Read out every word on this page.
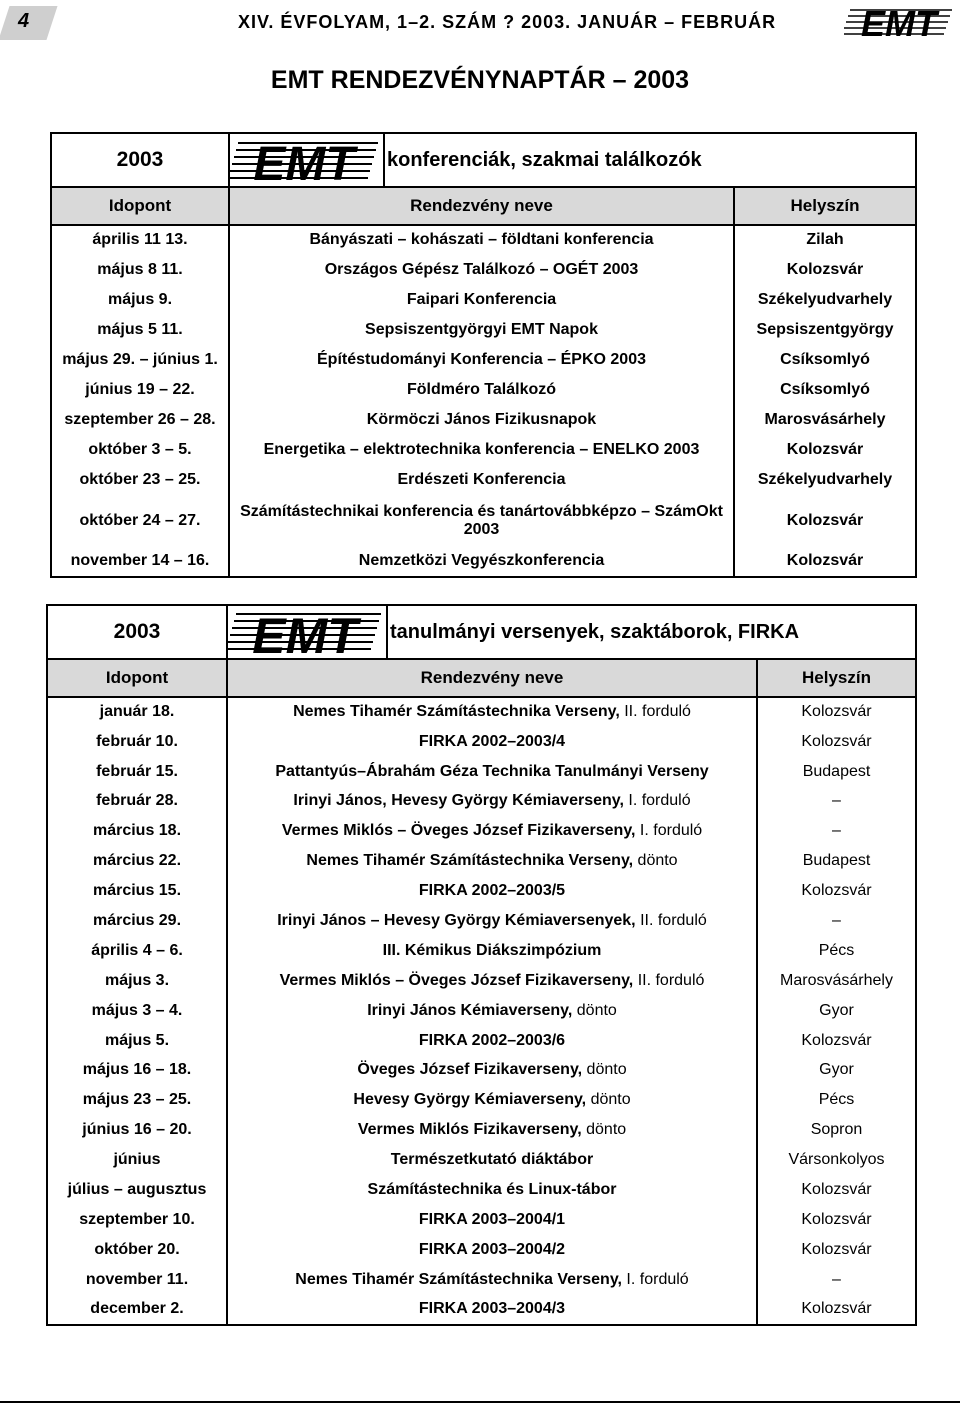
4	XIV. ÉVFOLYAM, 1–2. SZÁM ? 2003. JANUÁR – FEBRUÁR EMT
EMT RENDEZVÉNYNAPTÁR – 2003
2003	EMT	konferenciák, szakmai találkozók	
Idopont	Rendezvény neve		Helyszín
április 11 13.	Bányászati – kohászati – földtani konferencia		Zilah
május 8 11.	Országos Gépész Találkozó – OGÉT 2003		Kolozsvár
május 9.	Faipari Konferencia		Székelyudvarhely
május 5 11.	Sepsiszentgyörgyi EMT Napok		Sepsiszentgyörgy
május 29. – június 1.	Építéstudományi Konferencia – ÉPKO 2003		Csíksomlyó
június 19 – 22.	Földméro Találkozó		Csíksomlyó
szeptember 26 – 28.	Körmöczi János Fizikusnapok		Marosvásárhely
október 3 – 5.	Energetika – elektrotechnika konferencia – ENELKO 2003		Kolozsvár
október 23 – 25.	Erdészeti Konferencia		Székelyudvarhely
október 24 – 27.	Számítástechnikai konferencia és tanártovábbképzo – SzámOkt 2003		Kolozsvár
november 14 – 16.	Nemzetközi Vegyészkonferencia		Kolozsvár
2003	EMT	tanulmányi versenyek, szaktáborok, FIRKA	
Idopont	Rendezvény neve		Helyszín
január 18.	Nemes Tihamér Számítástechnika Verseny, II. forduló		Kolozsvár
február 10.	FIRKA 2002–2003/4		Kolozsvár
február 15.	Pattantyús–Ábrahám Géza Technika Tanulmányi Verseny		Budapest
február 28.	Irinyi János, Hevesy György Kémiaverseny, I. forduló		–
március 18.	Vermes Miklós – Öveges József Fizikaverseny, I. forduló		–
március 22.	Nemes Tihamér Számítástechnika Verseny, dönto		Budapest
március 15.	FIRKA 2002–2003/5		Kolozsvár
március 29.	Irinyi János – Hevesy György Kémiaversenyek, II. forduló		–
április 4 – 6.	III. Kémikus Diákszimpózium		Pécs
május 3.	Vermes Miklós – Öveges József Fizikaverseny, II. forduló		Marosvásárhely
május 3 – 4.	Irinyi János Kémiaverseny, dönto		Gyor
május 5.	FIRKA 2002–2003/6		Kolozsvár
május 16 – 18.	Öveges József Fizikaverseny, dönto		Gyor
május 23 – 25.	Hevesy György Kémiaverseny, dönto		Pécs
június 16 – 20.	Vermes Miklós Fizikaverseny, dönto		Sopron
június	Természetkutató diáktábor		Vársonkolyos
július – augusztus	Számítástechnika és Linux-tábor		Kolozsvár
szeptember 10.	FIRKA 2003–2004/1		Kolozsvár
október 20.	FIRKA 2003–2004/2		Kolozsvár
november 11.	Nemes Tihamér Számítástechnika Verseny, I. forduló		–
december 2.	FIRKA 2003–2004/3		Kolozsvár
